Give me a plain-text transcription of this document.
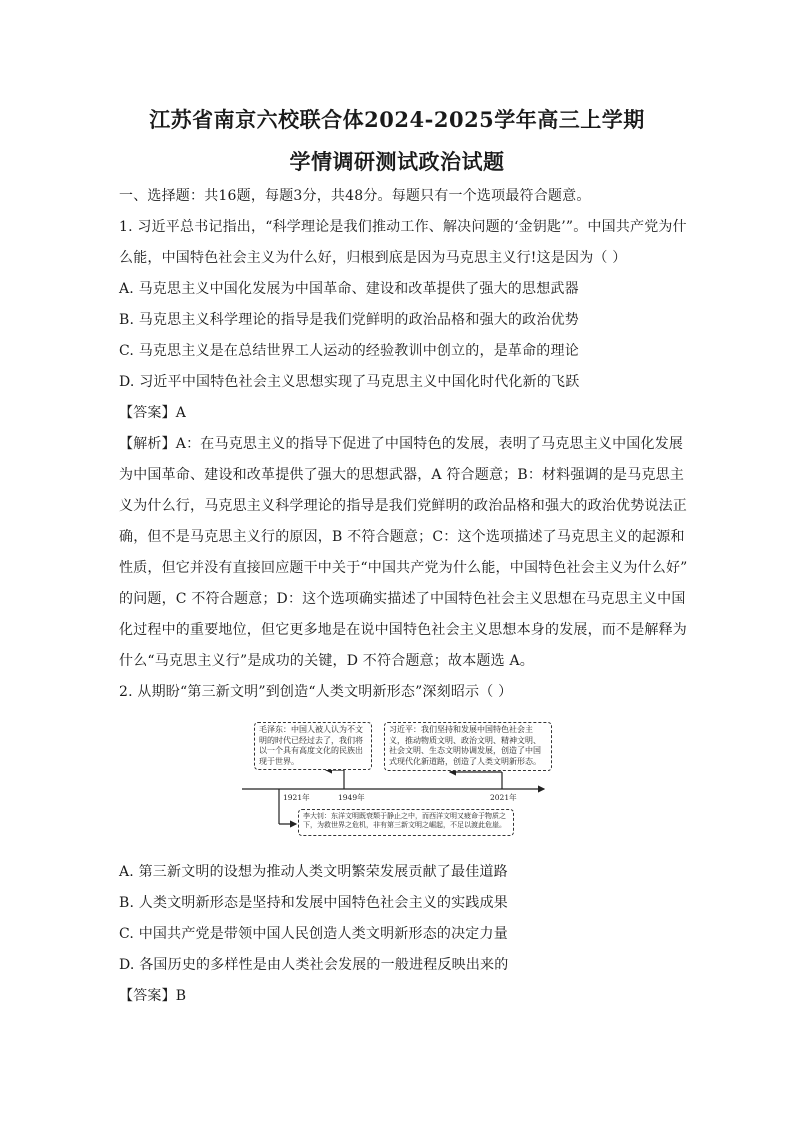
江苏省南京六校联合体2024-2025学年高三上学期
学情调研测试政治试题
一、选择题：共16题，每题3分，共48分。每题只有一个选项最符合题意。
1. 习近平总书记指出，“科学理论是我们推动工作、解决问题的‘金钥匙’”。中国共产党为什
么能，中国特色社会主义为什么好，归根到底是因为马克思主义行!这是因为（ ）
A. 马克思主义中国化发展为中国革命、建设和改革提供了强大的思想武器
B. 马克思主义科学理论的指导是我们党鲜明的政治品格和强大的政治优势
C. 马克思主义是在总结世界工人运动的经验教训中创立的，是革命的理论
D. 习近平中国特色社会主义思想实现了马克思主义中国化时代化新的飞跃
【答案】A
【解析】A：在马克思主义的指导下促进了中国特色的发展，表明了马克思主义中国化发展
为中国革命、建设和改革提供了强大的思想武器，A 符合题意；B：材料强调的是马克思主
义为什么行，马克思主义科学理论的指导是我们党鲜明的政治品格和强大的政治优势说法正
确，但不是马克思主义行的原因，B 不符合题意；C：这个选项描述了马克思主义的起源和
性质，但它并没有直接回应题干中关于“中国共产党为什么能，中国特色社会主义为什么好”
的问题，C 不符合题意；D：这个选项确实描述了中国特色社会主义思想在马克思主义中国
化过程中的重要地位，但它更多地是在说中国特色社会主义思想本身的发展，而不是解释为
什么“马克思主义行”是成功的关键，D 不符合题意；故本题选 A。
2. 从期盼“第三新文明”到创造“人类文明新形态”深刻昭示（ ）
毛泽东：中国人被人认为不文明的时代已经过去了，我们将以一个具有高度文化的民族出现于世界。
习近平：我们坚持和发展中国特色社会主义，推动物质文明、政治文明、精神文明、社会文明、生态文明协调发展，创造了中国式现代化新道路，创造了人类文明新形态。
李大钊：东洋文明既衰颓于静止之中，而西洋文明又疲命于物质之下，为救世界之危机，非有第三新文明之崛起，不足以渡此危崖。
1921年	1949年	2021年
A. 第三新文明的设想为推动人类文明繁荣发展贡献了最佳道路
B. 人类文明新形态是坚持和发展中国特色社会主义的实践成果
C. 中国共产党是带领中国人民创造人类文明新形态的决定力量
D. 各国历史的多样性是由人类社会发展的一般进程反映出来的
【答案】B
